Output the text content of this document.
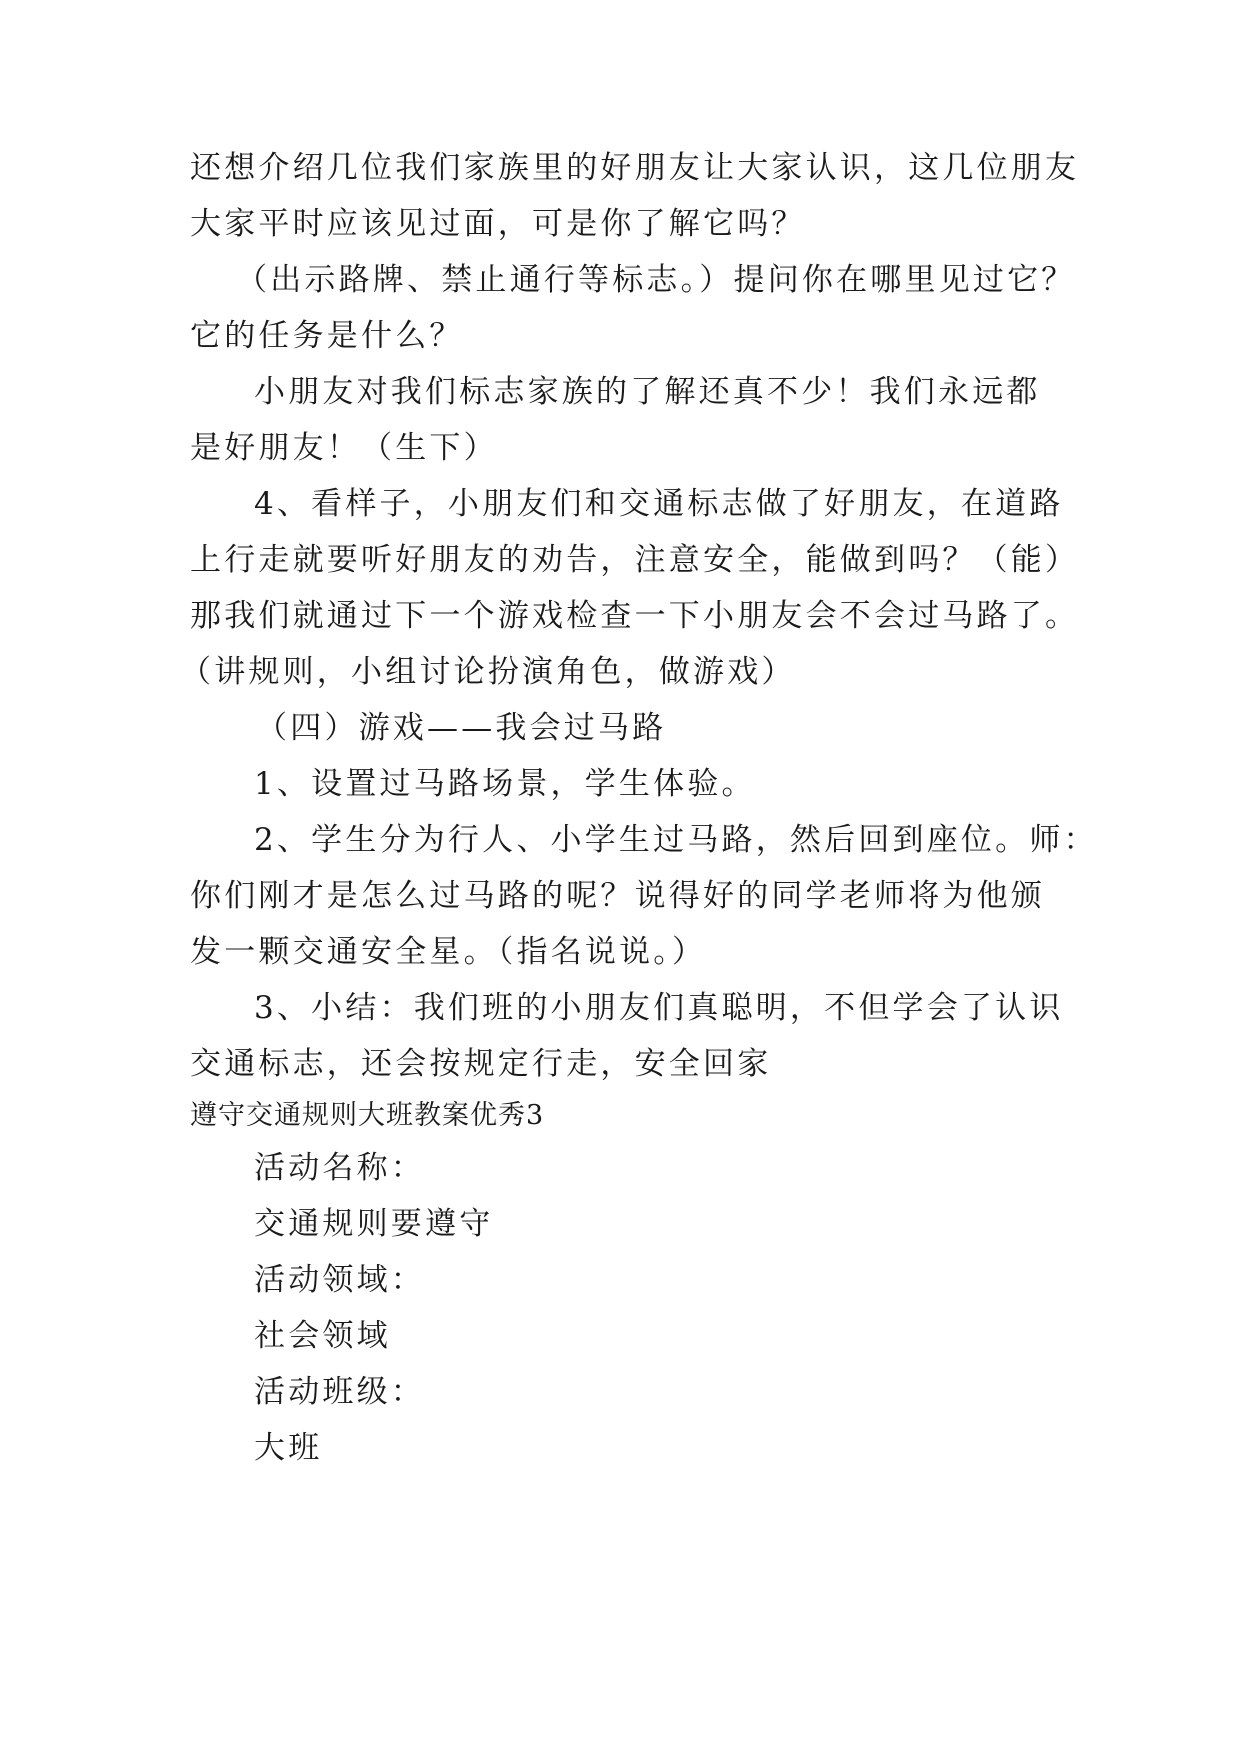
还想介绍几位我们家族里的好朋友让大家认识，这几位朋友
大家平时应该见过面，可是你了解它吗？
（出示路牌、禁止通行等标志。）提问你在哪里见过它？
它的任务是什么？
小朋友对我们标志家族的了解还真不少！我们永远都
是好朋友！（生下）
4、看样子，小朋友们和交通标志做了好朋友，在道路
上行走就要听好朋友的劝告，注意安全，能做到吗？（能）
那我们就通过下一个游戏检查一下小朋友会不会过马路了。
（讲规则，小组讨论扮演角色，做游戏）
（四）游戏——我会过马路
1、设置过马路场景，学生体验。
2、学生分为行人、小学生过马路，然后回到座位。师：
你们刚才是怎么过马路的呢？说得好的同学老师将为他颁
发一颗交通安全星。（指名说说。）
3、小结：我们班的小朋友们真聪明，不但学会了认识
交通标志，还会按规定行走，安全回家
遵守交通规则大班教案优秀3
活动名称：
交通规则要遵守
活动领域：
社会领域
活动班级：
大班
